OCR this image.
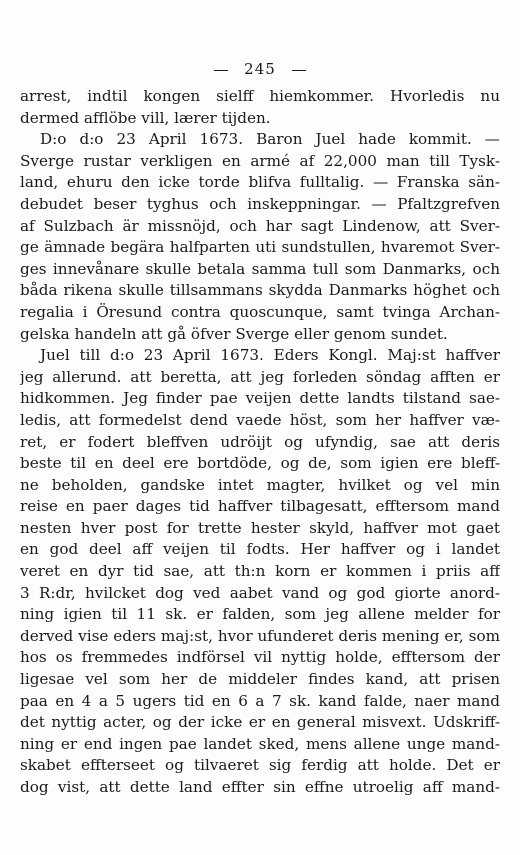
245
arrest, indtil kongen sielff hiemkommer. Hvorledis nu
dermed afflöbe vill, lærer tijden.
D:o d:o 23 April 1673. Baron Juel hade kommit. —
Sverge rustar verkligen en armé af 22,000 man till Tysk-
land, ehuru den icke torde blifva fulltalig. — Franska sän-
debudet beser tyghus och inskeppningar. — Pfaltzgrefven
af Sulzbach är missnöjd, och har sagt Lindenow, att Sver-
ge ämnade begära halfparten uti sundstullen, hvaremot Sver-
ges innevånare skulle betala samma tull som Danmarks, och
båda rikena skulle tillsammans skydda Danmarks höghet och
regalia i Öresund contra quoscunque, samt tvinga Archan-
gelska handeln att gå öfver Sverge eller genom sundet.
Juel till d:o 23 April 1673. Eders Kongl. Maj:st haffver
jeg allerund. att beretta, att jeg forleden söndag afften er
hidkommen. Jeg finder pae veijen dette landts tilstand sae-
ledis, att formedelst dend vaede höst, som her haffver væ-
ret, er fodert bleffven udröijt og ufyndig, sae att deris
beste til en deel ere bortdöde, og de, som igien ere bleff-
ne beholden, gandske intet magter, hvilket og vel min
reise en paer dages tid haffver tilbagesatt, efftersom mand
nesten hver post for trette hester skyld, haffver mot gaet
en god deel aff veijen til fodts. Her haffver og i landet
veret en dyr tid sae, att th:n korn er kommen i priis aff
3 R:dr, hvilcket dog ved aabet vand og god giorte anord-
ning igien til 11 sk. er falden, som jeg allene melder for
derved vise eders maj:st, hvor ufunderet deris mening er, som
hos os fremmedes indförsel vil nyttig holde, efftersom der
ligesae vel som her de middeler findes kand, att prisen
paa en 4 a 5 ugers tid en 6 a 7 sk. kand falde, naer mand
det nyttig acter, og der icke er en general misvext. Udskriff-
ning er end ingen pae landet sked, mens allene unge mand-
skabet effterseet og tilvaeret sig ferdig att holde. Det er
dog vist, att dette land effter sin effne utroelig aff mand-
